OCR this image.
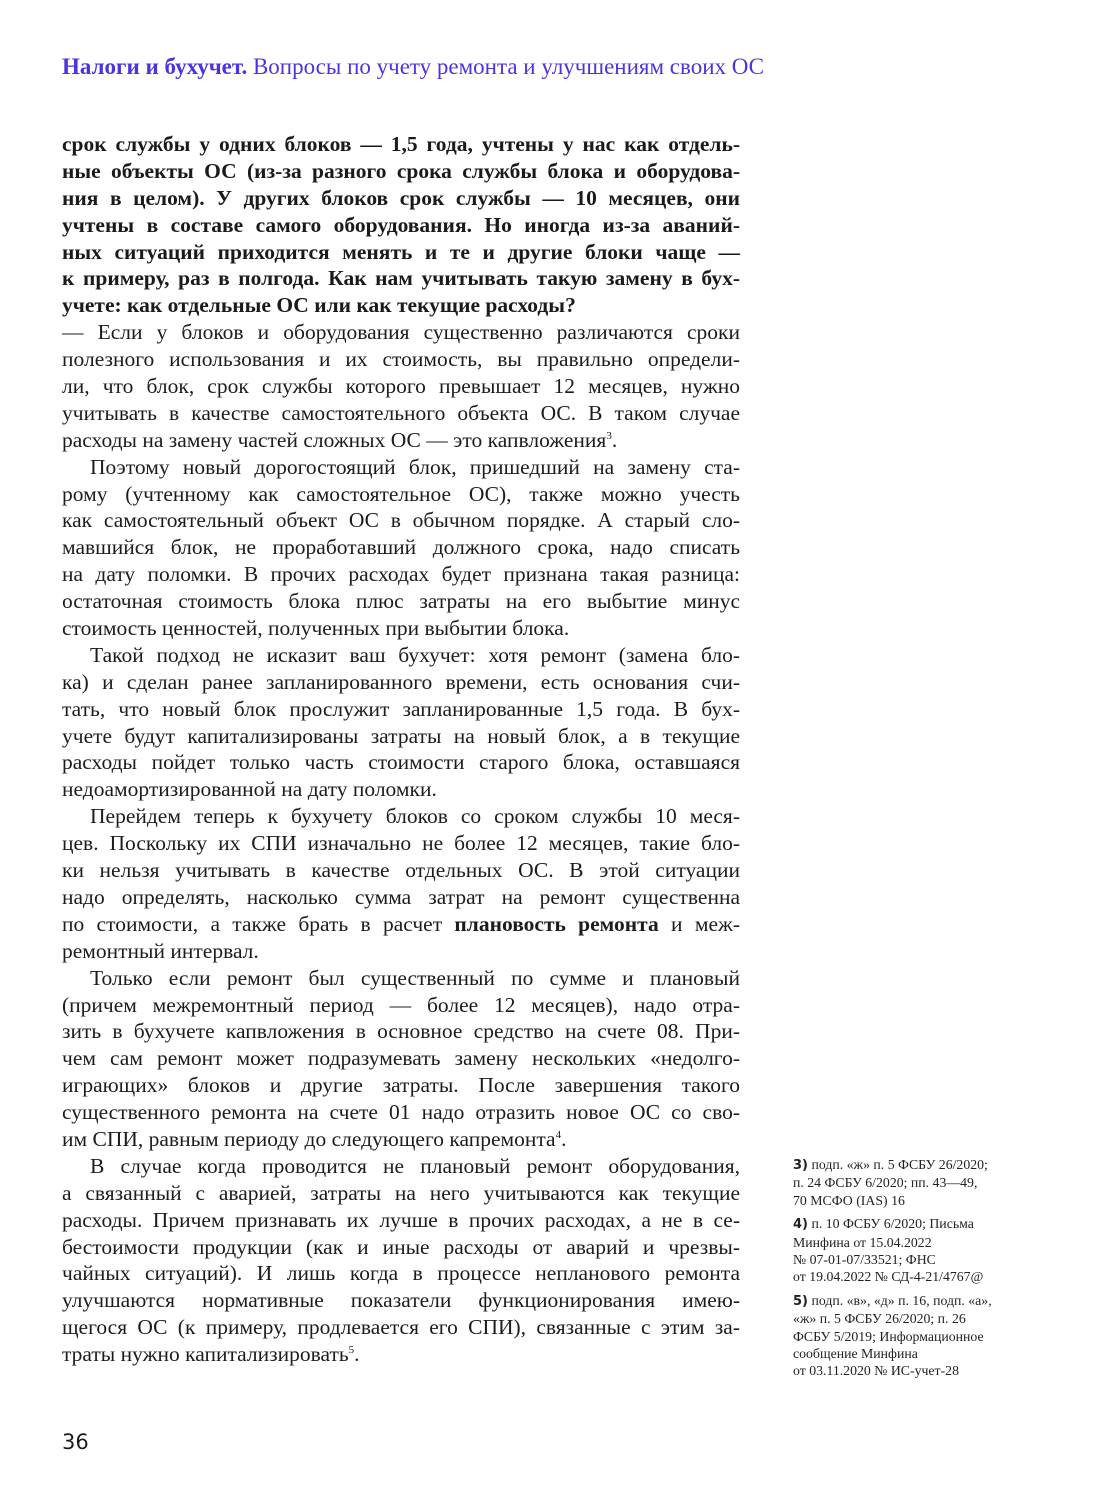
Налоги и бухучет. Вопросы по учету ремонта и улучшениям своих ОС
срок службы у одних блоков — 1,5 года, учтены у нас как отдель-
ные объекты ОС (из-за разного срока службы блока и оборудова-
ния в целом). У других блоков срок службы — 10 месяцев, они
учтены в составе самого оборудования. Но иногда из-за аваний-
ных ситуаций приходится менять и те и другие блоки чаще —
к примеру, раз в полгода. Как нам учитывать такую замену в бух-
учете: как отдельные ОС или как текущие расходы?
— Если у блоков и оборудования существенно различаются сроки
полезного использования и их стоимость, вы правильно определи-
ли, что блок, срок службы которого превышает 12 месяцев, нужно
учитывать в качестве самостоятельного объекта ОС. В таком случае
расходы на замену частей сложных ОС — это капвложения$^3$.
Поэтому новый дорогостоящий блок, пришедший на замену ста-
рому (учтенному как самостоятельное ОС), также можно учесть
как самостоятельный объект ОС в обычном порядке. А старый сло-
мавшийся блок, не проработавший должного срока, надо списать
на дату поломки. В прочих расходах будет признана такая разница:
остаточная стоимость блока плюс затраты на его выбытие минус
стоимость ценностей, полученных при выбытии блока.
Такой подход не исказит ваш бухучет: хотя ремонт (замена бло-
ка) и сделан ранее запланированного времени, есть основания счи-
тать, что новый блок прослужит запланированные 1,5 года. В бух-
учете будут капитализированы затраты на новый блок, а в текущие
расходы пойдет только часть стоимости старого блока, оставшаяся
недоамортизированной на дату поломки.
Перейдем теперь к бухучету блоков со сроком службы 10 меся-
цев. Поскольку их СПИ изначально не более 12 месяцев, такие бло-
ки нельзя учитывать в качестве отдельных ОС. В этой ситуации
надо определять, насколько сумма затрат на ремонт существенна
по стоимости, а также брать в расчет плановость ремонта и меж-
ремонтный интервал.
Только если ремонт был существенный по сумме и плановый
(причем межремонтный период — более 12 месяцев), надо отра-
зить в бухучете капвложения в основное средство на счете 08. При-
чем сам ремонт может подразумевать замену нескольких «недолго-
играющих» блоков и другие затраты. После завершения такого
существенного ремонта на счете 01 надо отразить новое ОС со сво-
им СПИ, равным периоду до следующего капремонта$^4$.
В случае когда проводится не плановый ремонт оборудования,
а связанный с аварией, затраты на него учитываются как текущие
расходы. Причем признавать их лучше в прочих расходах, а не в се-
бестоимости продукции (как и иные расходы от аварий и чрезвы-
чайных ситуаций). И лишь когда в процессе непланового ремонта
улучшаются нормативные показатели функционирования имею-
щегося ОС (к примеру, продлевается его СПИ), связанные с этим за-
траты нужно капитализировать$^5$.
3) подп. «ж» п. 5 ФСБУ 26/2020;
п. 24 ФСБУ 6/2020; пп. 43—49,
70 МСФО (IAS) 16
4) п. 10 ФСБУ 6/2020; Письма
Минфина от 15.04.2022
№ 07-01-07/33521; ФНС
от 19.04.2022 № СД-4-21/4767@
5) подп. «в», «д» п. 16, подп. «а»,
«ж» п. 5 ФСБУ 26/2020; п. 26
ФСБУ 5/2019; Информационное
сообщение Минфина
от 03.11.2020 № ИС-учет-28
36
